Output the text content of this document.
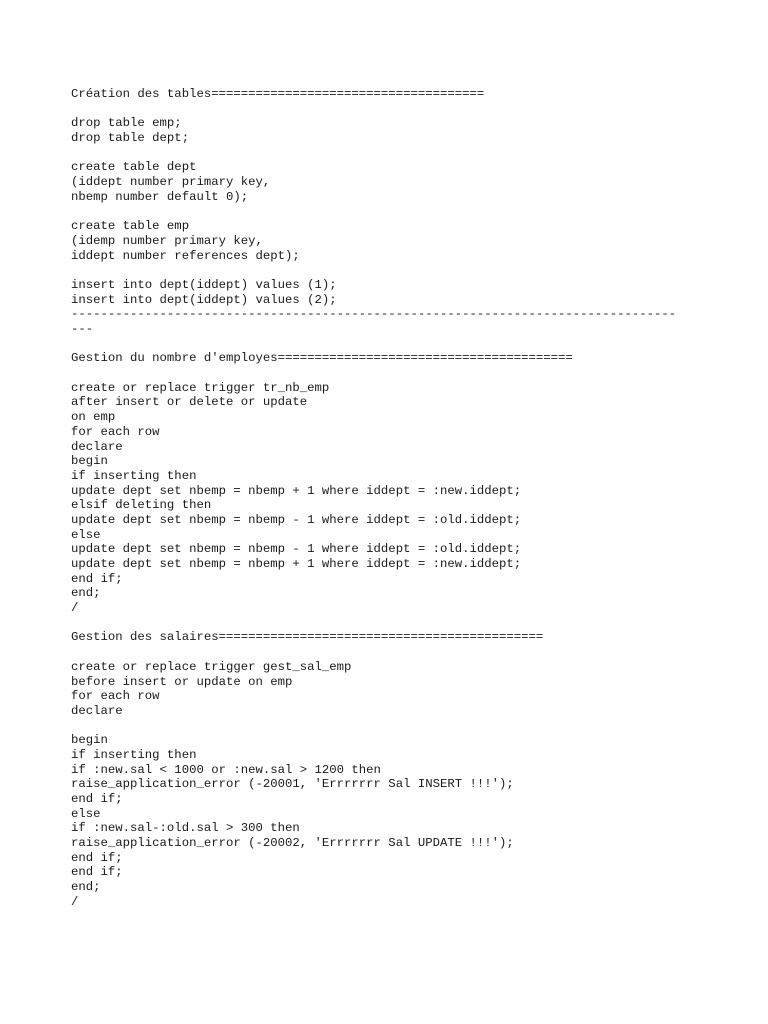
Création des tables=====================================
drop table emp;
drop table dept;
create table dept
(iddept number primary key,
nbemp number default 0);
create table emp
(idemp number primary key,
iddept number references dept);
insert into dept(iddept) values (1);
insert into dept(iddept) values (2);
----------------------------------------------------------------------------------
---
Gestion du nombre d'employes========================================
create or replace trigger tr_nb_emp
after insert or delete or update
on emp
for each row
declare
begin
if inserting then
update dept set nbemp = nbemp + 1 where iddept = :new.iddept;
elsif deleting then
update dept set nbemp = nbemp - 1 where iddept = :old.iddept;
else
update dept set nbemp = nbemp - 1 where iddept = :old.iddept;
update dept set nbemp = nbemp + 1 where iddept = :new.iddept;
end if;
end;
/
Gestion des salaires============================================
create or replace trigger gest_sal_emp
before insert or update on emp
for each row
declare
begin
if inserting then
if :new.sal < 1000 or :new.sal > 1200 then
raise_application_error (-20001, 'Errrrrrr Sal INSERT !!!');
end if;
else
if :new.sal-:old.sal > 300 then
raise_application_error (-20002, 'Errrrrrr Sal UPDATE !!!');
end if;
end if;
end;
/
